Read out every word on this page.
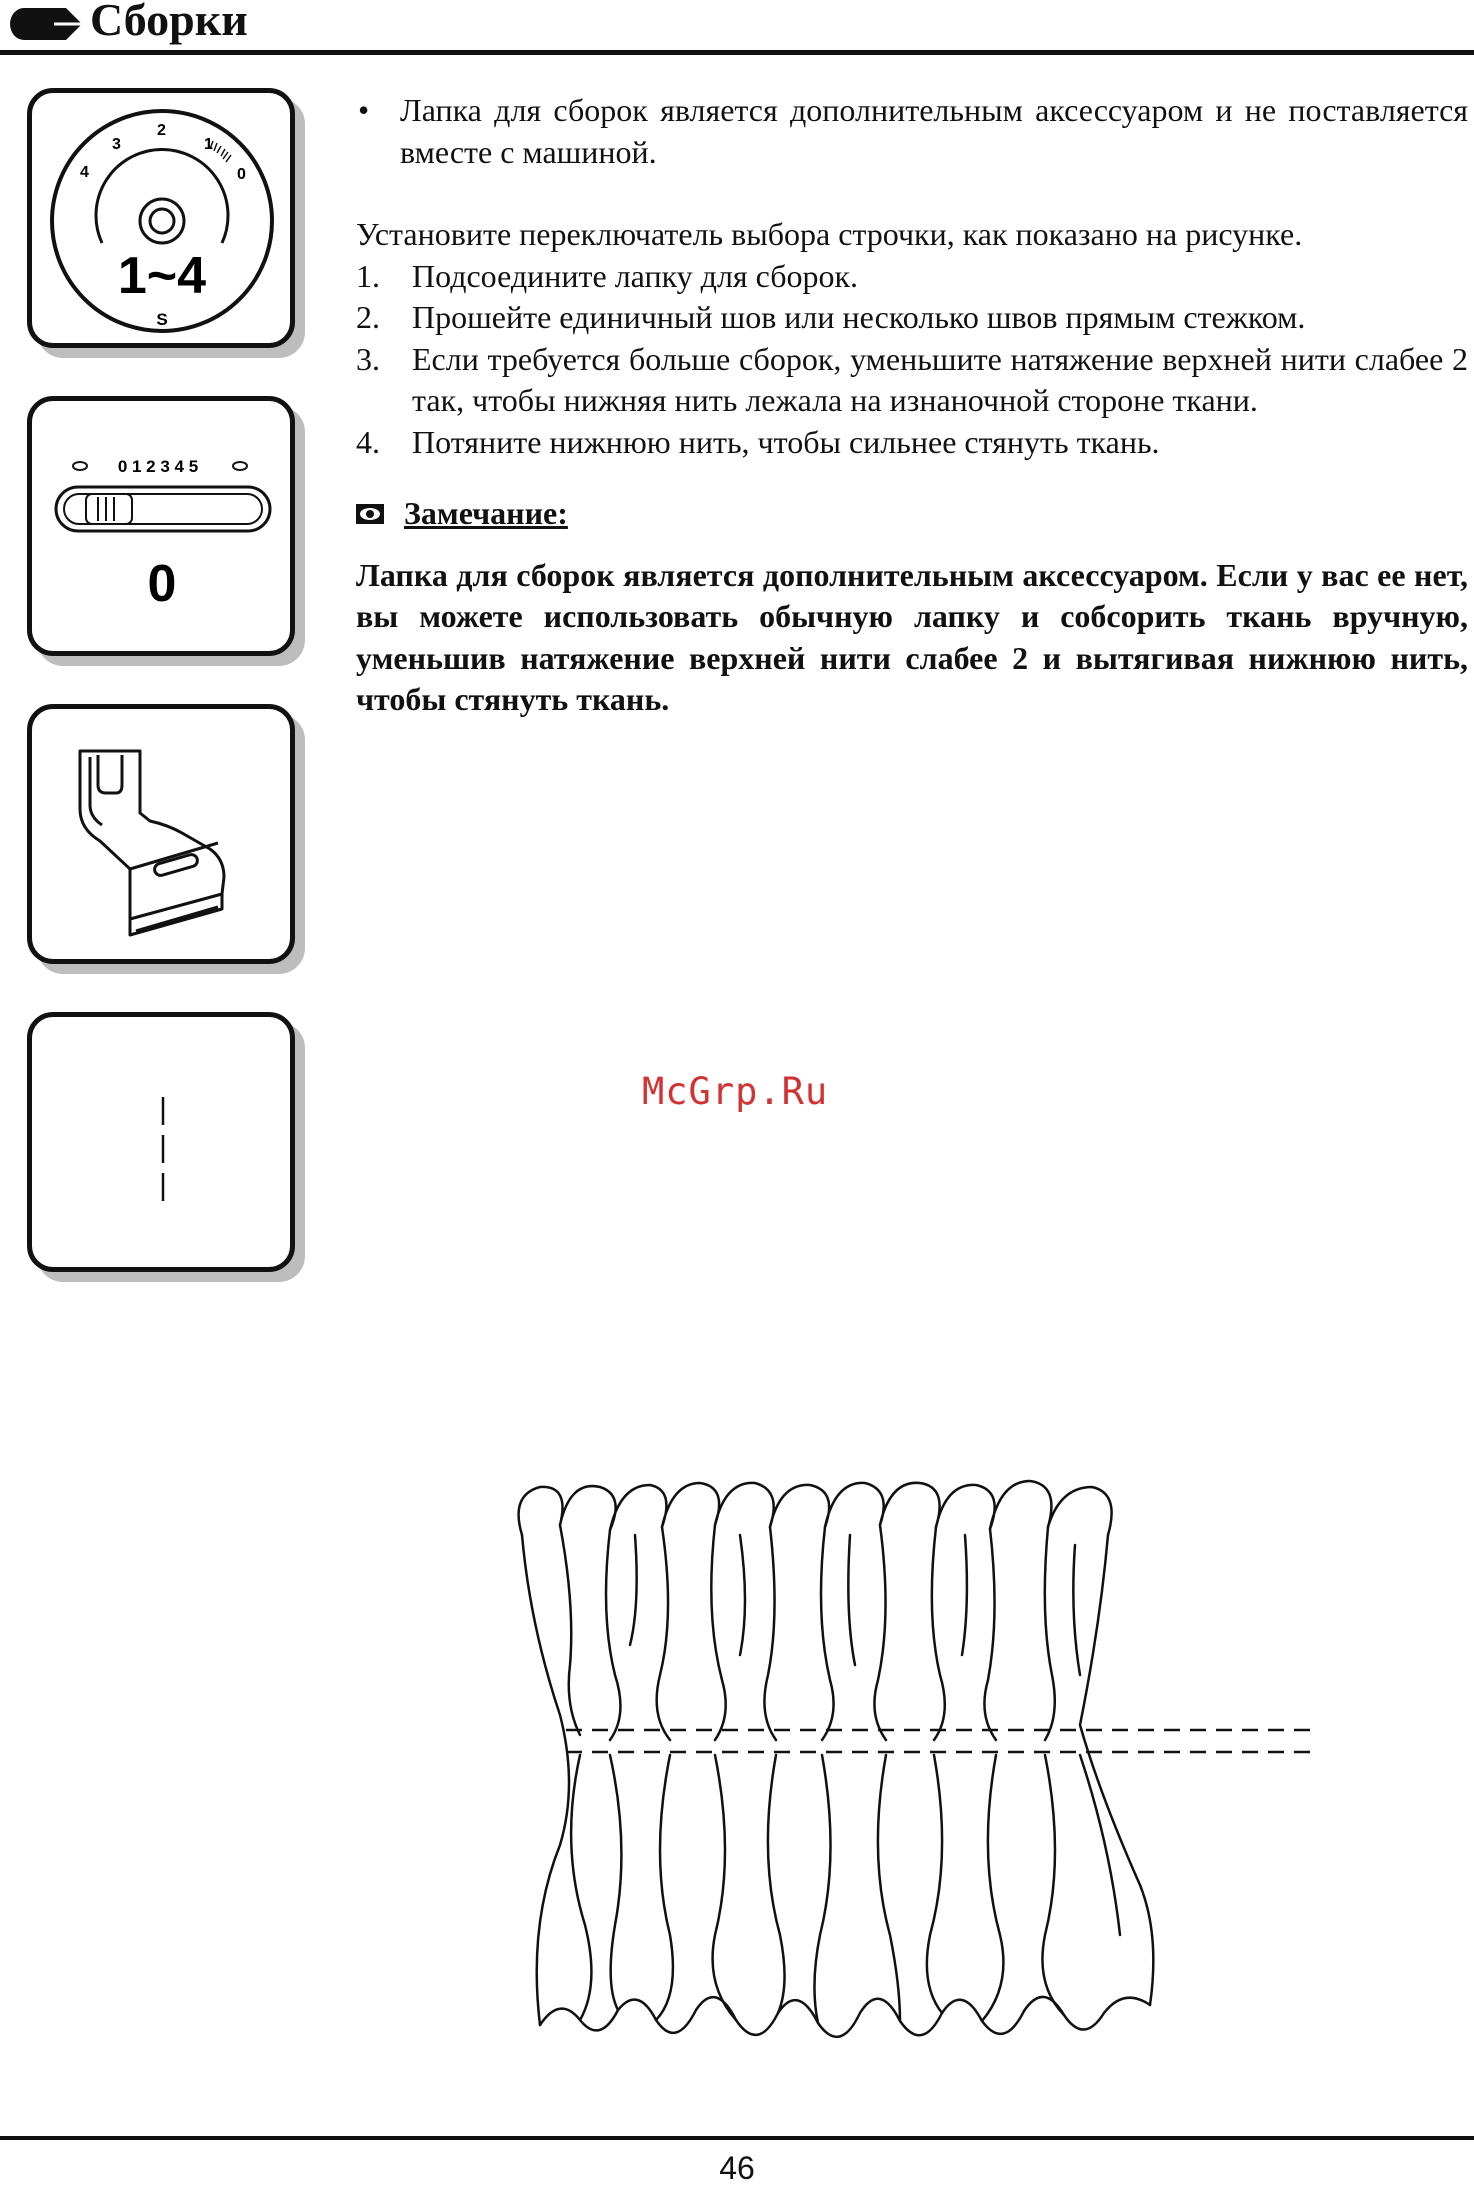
Сборки
4
3
2
1
0
1~4
S
0 1 2 3 4 5
0
• Лапка для сборок является дополнительным аксессуаром и не поставляется вместе с машиной.
Установите переключатель выбора строчки, как показано на рисунке.
1.	Подсоедините лапку для сборок.
2.	Прошейте единичный шов или несколько швов прямым стежком.
3.	Если требуется больше сборок, уменьшите натяжение верхней нити слабее 2 так, чтобы нижняя нить лежала на изнаночной стороне ткани.
4.	Потяните нижнюю нить, чтобы сильнее стянуть ткань.
Замечание:
Лапка для сборок является дополнительным аксессуаром. Если у вас ее нет, вы можете использовать обычную лапку и собсорить ткань вручную, уменьшив натяжение верхней нити слабее 2 и вытягивая нижнюю нить, чтобы стянуть ткань.
McGrp.Ru
46
